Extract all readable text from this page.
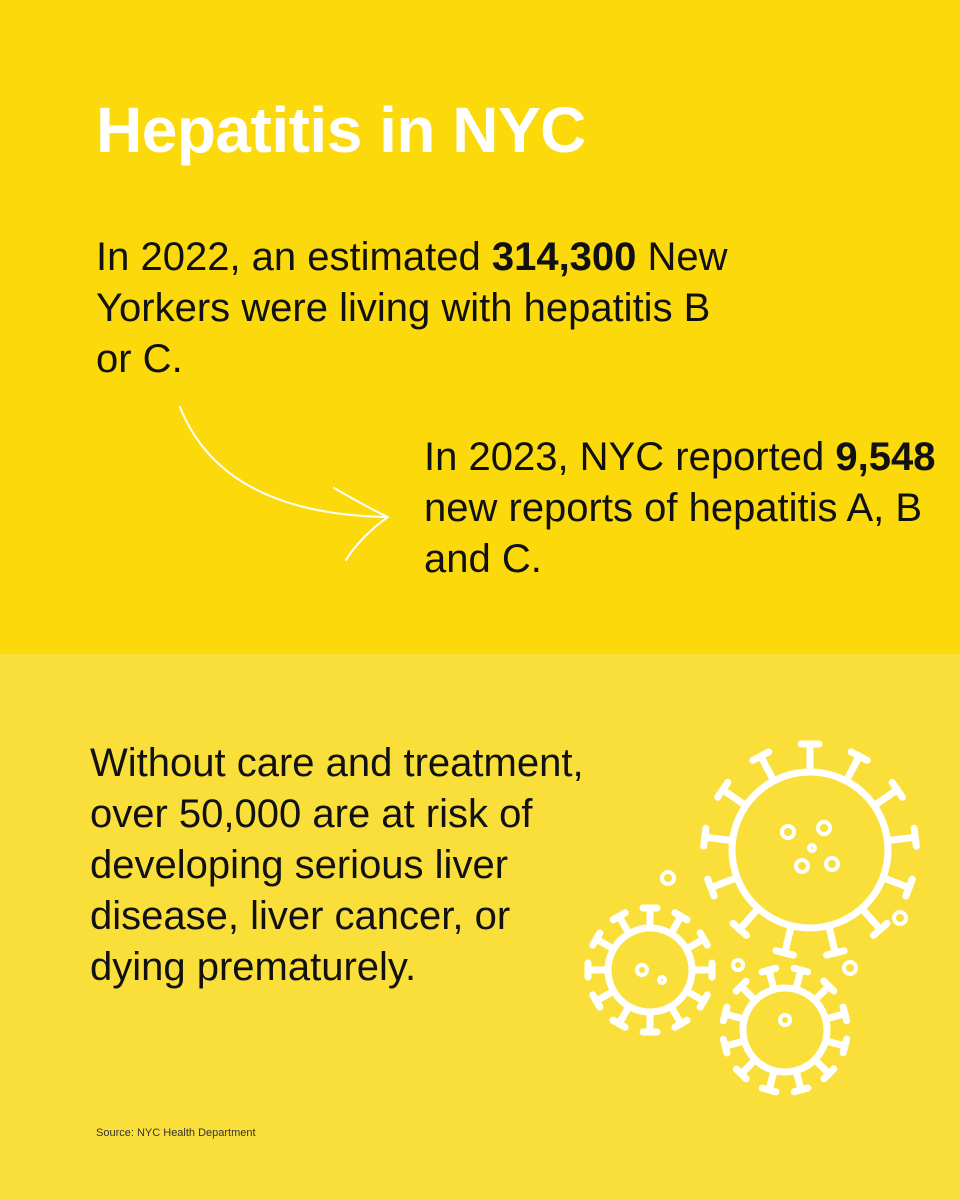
Hepatitis in NYC

In 2022, an estimated 314,300 New Yorkers were living with hepatitis B or C.

In 2023, NYC reported 9,548 new reports of hepatitis A, B and C.

Without care and treatment, over 50,000 are at risk of developing serious liver disease, liver cancer, or dying prematurely.

Source: NYC Health Department
